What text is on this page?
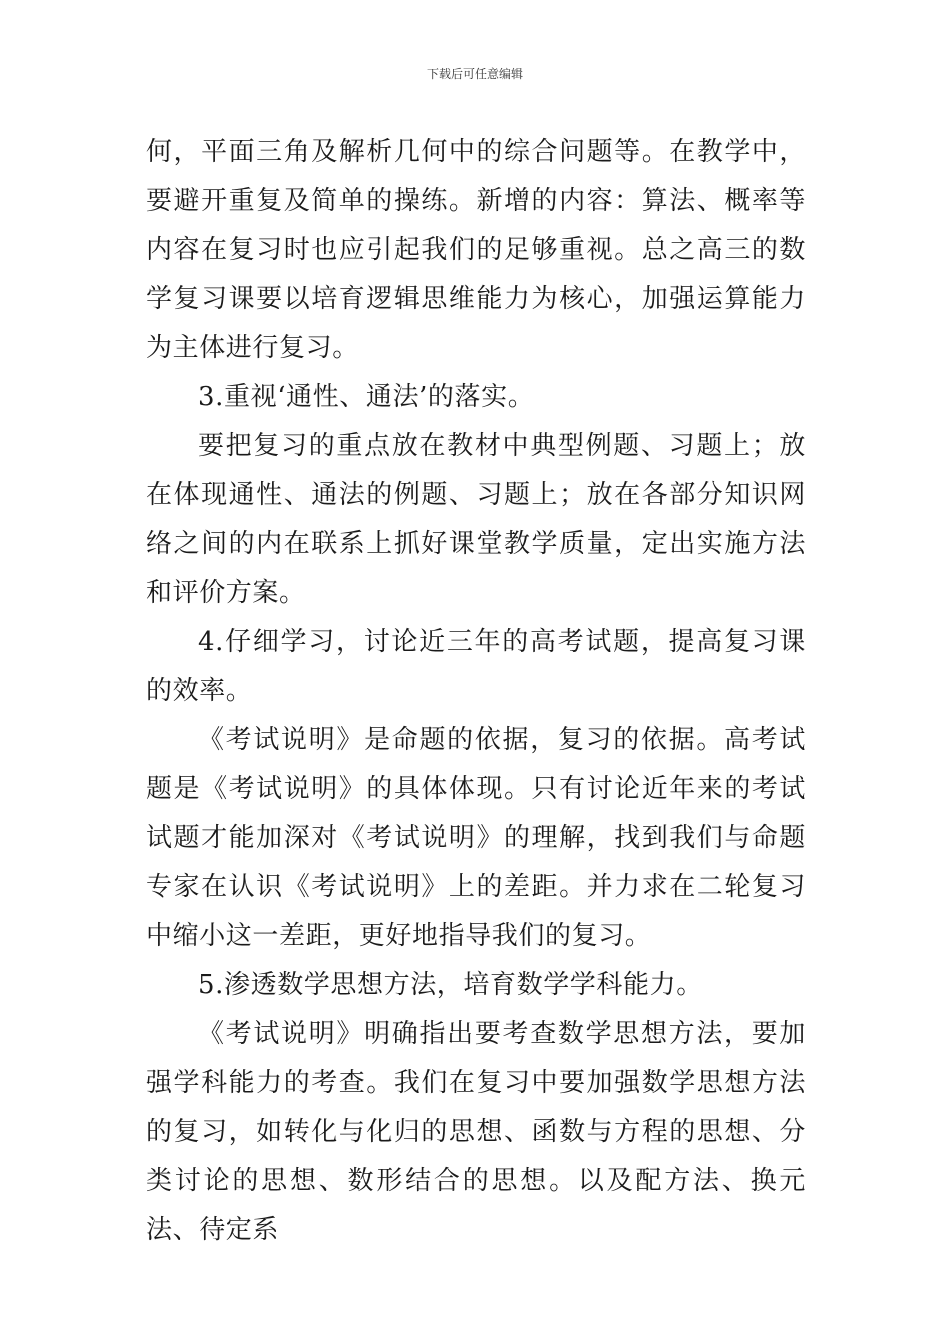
下载后可任意编辑

何，平面三角及解析几何中的综合问题等。在教学中，要避开重复及简单的操练。新增的内容：算法、概率等内容在复习时也应引起我们的足够重视。总之高三的数学复习课要以培育逻辑思维能力为核心，加强运算能力为主体进行复习。

3.重视‘通性、通法’的落实。

要把复习的重点放在教材中典型例题、习题上；放在体现通性、通法的例题、习题上；放在各部分知识网络之间的内在联系上抓好课堂教学质量，定出实施方法和评价方案。

4.仔细学习，讨论近三年的高考试题，提高复习课的效率。

《考试说明》是命题的依据，复习的依据。高考试题是《考试说明》的具体体现。只有讨论近年来的考试试题才能加深对《考试说明》的理解，找到我们与命题专家在认识《考试说明》上的差距。并力求在二轮复习中缩小这一差距，更好地指导我们的复习。

5.渗透数学思想方法，培育数学学科能力。

《考试说明》明确指出要考查数学思想方法，要加强学科能力的考查。我们在复习中要加强数学思想方法的复习，如转化与化归的思想、函数与方程的思想、分类讨论的思想、数形结合的思想。以及配方法、换元法、待定系
